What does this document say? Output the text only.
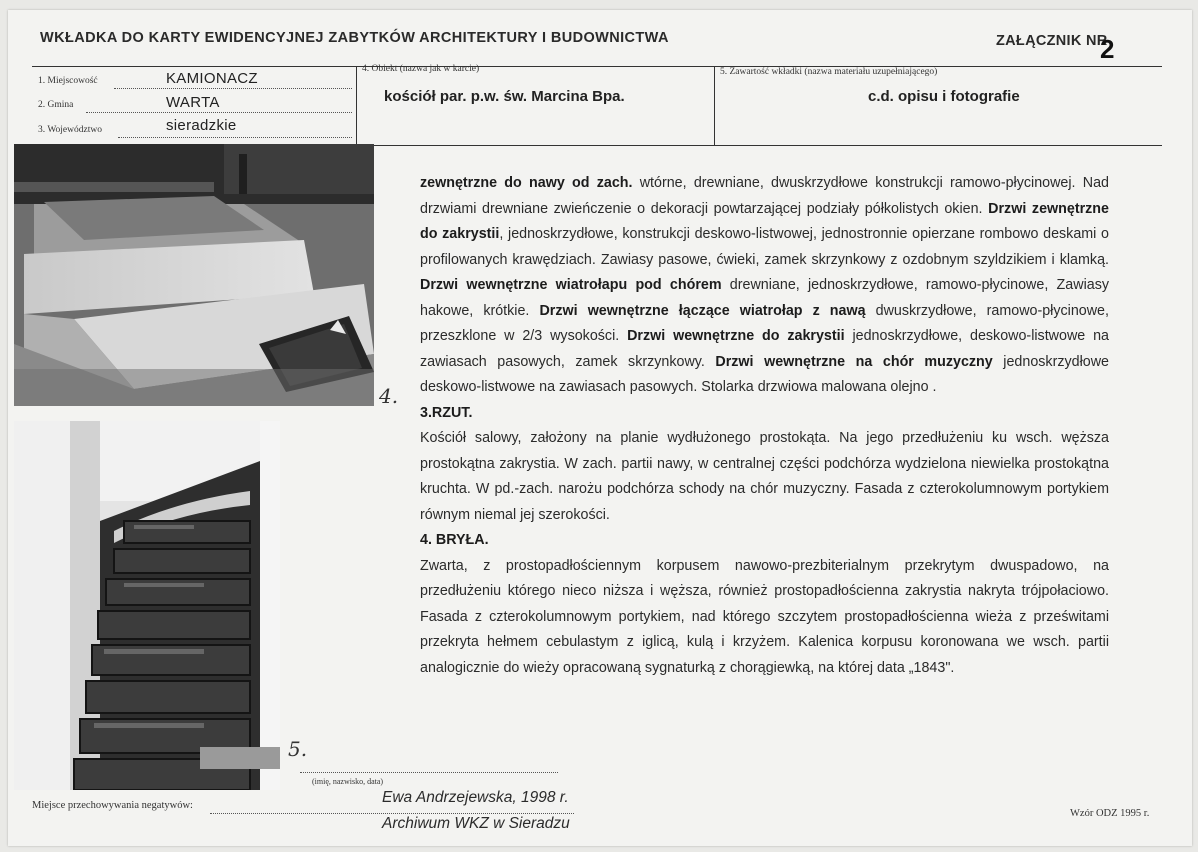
WKŁADKA DO KARTY EWIDENCYJNEJ ZABYTKÓW ARCHITEKTURY I BUDOWNICTWA	ZAŁĄCZNIK NR
2
1. Miejscowość	KAMIONACZ
2. Gmina	WARTA
3. Województwo	sieradzkie
4. Obiekt (nazwa jak w karcie)
kościół par. p.w. św. Marcina Bpa.
5. Zawartość wkładki (nazwa materiału uzupełniającego)
c.d. opisu i fotografie
4.
5.

zewnętrzne do nawy od zach. wtórne, drewniane, dwuskrzydłowe konstrukcji ramowo-płycinowej. Nad drzwiami drewniane zwieńczenie o dekoracji powtarzającej podziały półkolistych okien. Drzwi zewnętrzne do zakrystii, jednoskrzydłowe, konstrukcji deskowo-listwowej, jednostronnie opierzane rombowo deskami o profilowanych krawędziach. Zawiasy pasowe, ćwieki, zamek skrzynkowy z ozdobnym szyldzikiem i klamką. Drzwi wewnętrzne wiatrołapu pod chórem drewniane, jednoskrzydłowe, ramowo-płycinowe, Zawiasy hakowe, krótkie. Drzwi wewnętrzne łączące wiatrołap z nawą dwuskrzydłowe, ramowo-płycinowe, przeszklone w 2/3 wysokości. Drzwi wewnętrzne do zakrystii jednoskrzydłowe, deskowo-listwowe na zawiasach pasowych, zamek skrzynkowy. Drzwi wewnętrzne na chór muzyczny jednoskrzydłowe deskowo-listwowe na zawiasach pasowych. Stolarka drzwiowa malowana olejno .

3.RZUT.

Kościół salowy, założony na planie wydłużonego prostokąta. Na jego przedłużeniu ku wsch. węższa prostokątna zakrystia. W zach. partii nawy, w centralnej części podchórza wydzielona niewielka prostokątna kruchta. W pd.-zach. narożu podchórza schody na chór muzyczny. Fasada z czterokolumnowym portykiem równym niemal jej szerokości.

4. BRYŁA.

Zwarta, z prostopadłościennym korpusem nawowo-prezbiterialnym przekrytym dwuspadowo, na przedłużeniu którego nieco niższa i węższa, również prostopadłościenna zakrystia nakryta trójpołaciowo. Fasada z czterokolumnowym portykiem, nad którego szczytem prostopadłościenna wieża z prześwitami przekryta hełmem cebulastym z iglicą, kulą i krzyżem. Kalenica korpusu koronowana we wsch. partii analogicznie do wieży opracowaną sygnaturką z chorągiewką, na której data „1843".

(imię, nazwisko, data)
Ewa Andrzejewska, 1998 r.
Miejsce przechowywania negatywów:
Archiwum WKZ w Sieradzu
Wzór ODZ 1995 r.
